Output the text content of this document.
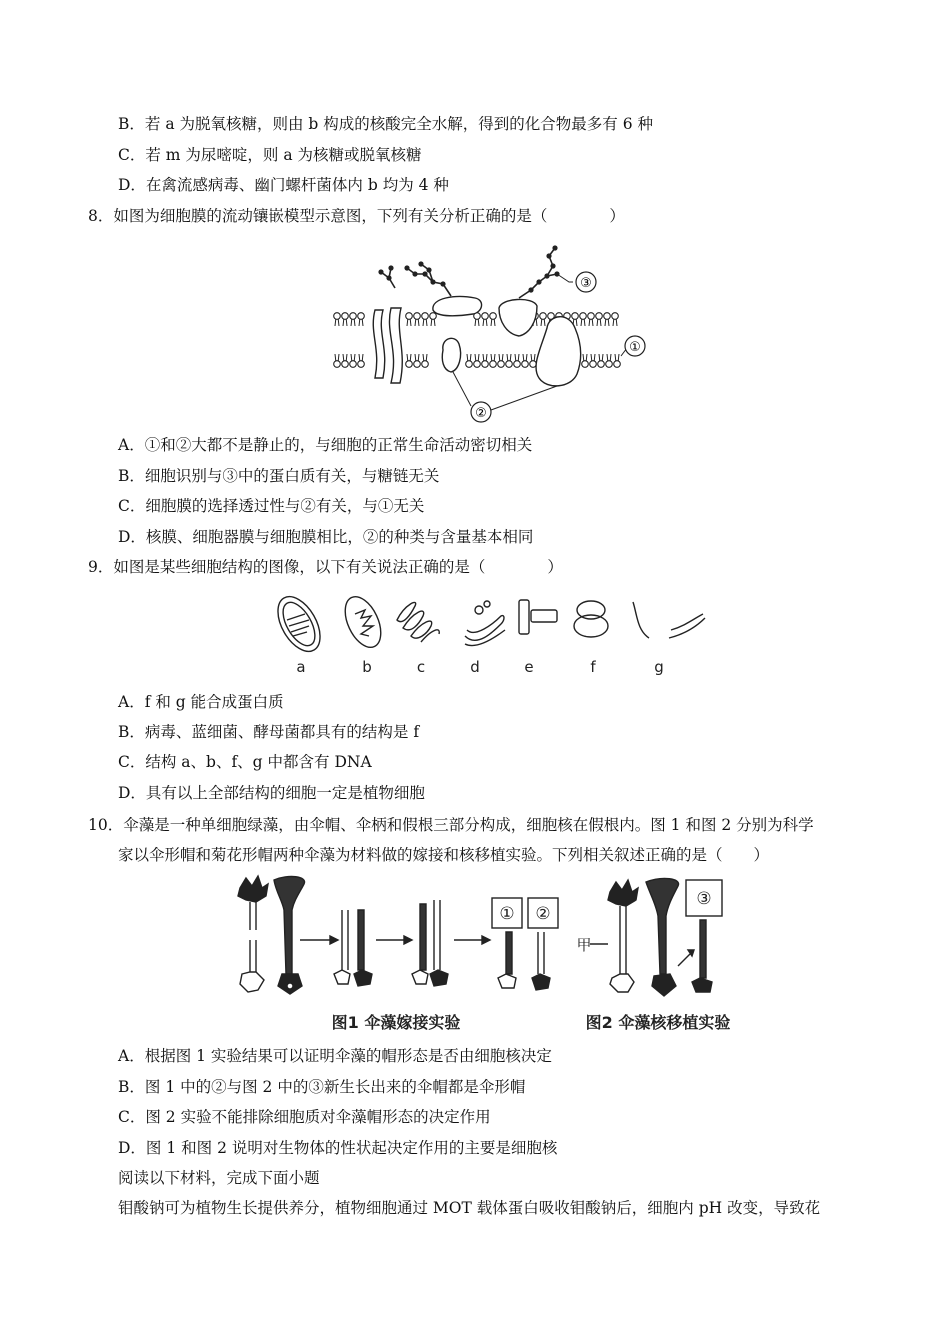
B．若 a 为脱氧核糖，则由 b 构成的核酸完全水解，得到的化合物最多有 6 种
C．若 m 为尿嘧啶，则 a 为核糖或脱氧核糖
D．在禽流感病毒、幽门螺杆菌体内 b 均为 4 种
8．如图为细胞膜的流动镶嵌模型示意图，下列有关分析正确的是（　　　　）
③
①
②
A．①和②大都不是静止的，与细胞的正常生命活动密切相关
B．细胞识别与③中的蛋白质有关，与糖链无关
C．细胞膜的选择透过性与②有关，与①无关
D．核膜、细胞器膜与细胞膜相比，②的种类与含量基本相同
9．如图是某些细胞结构的图像，以下有关说法正确的是（　　　　）
a	b	c	d	e	f	g
A．f 和 g 能合成蛋白质
B．病毒、蓝细菌、酵母菌都具有的结构是 f
C．结构 a、b、f、g 中都含有 DNA
D．具有以上全部结构的细胞一定是植物细胞
10．伞藻是一种单细胞绿藻，由伞帽、伞柄和假根三部分构成，细胞核在假根内。图 1 和图 2 分别为科学
家以伞形帽和菊花形帽两种伞藻为材料做的嫁接和核移植实验。下列相关叙述正确的是（　　）
① ②
③
甲
图1 伞藻嫁接实验	图2 伞藻核移植实验
A．根据图 1 实验结果可以证明伞藻的帽形态是否由细胞核决定
B．图 1 中的②与图 2 中的③新生长出来的伞帽都是伞形帽
C．图 2 实验不能排除细胞质对伞藻帽形态的决定作用
D．图 1 和图 2 说明对生物体的性状起决定作用的主要是细胞核
阅读以下材料，完成下面小题
钼酸钠可为植物生长提供养分，植物细胞通过 MOT 载体蛋白吸收钼酸钠后，细胞内 pH 改变，导致花
